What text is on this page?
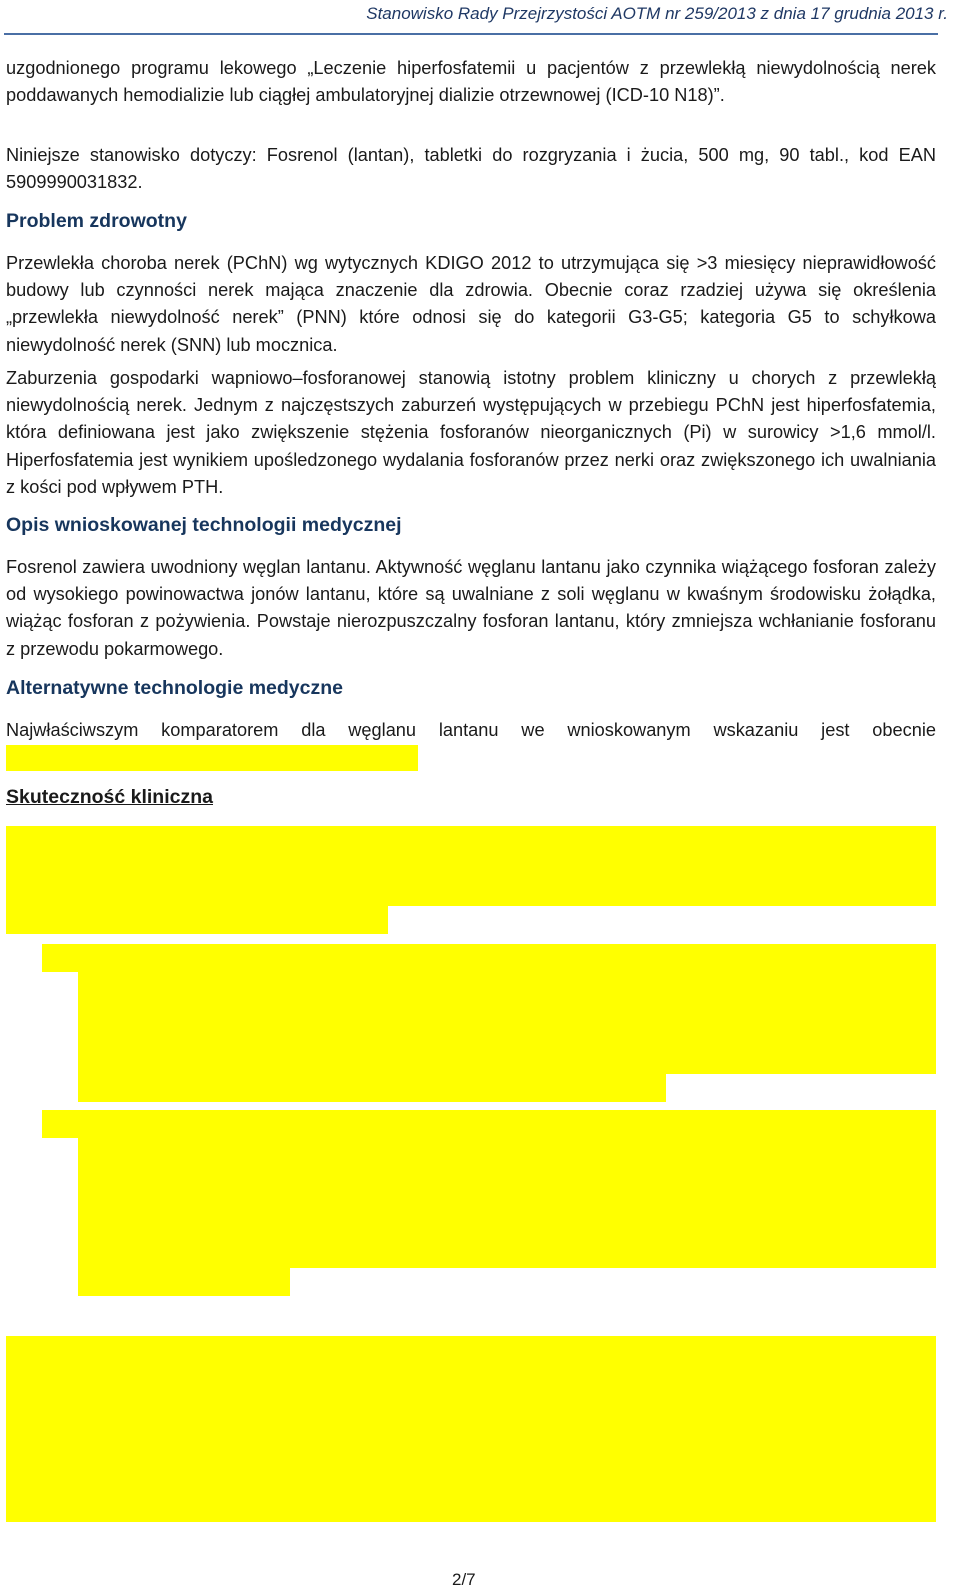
Stanowisko Rady Przejrzystości AOTM nr 259/2013 z dnia 17 grudnia 2013 r.
uzgodnionego programu lekowego „Leczenie hiperfosfatemii u pacjentów z przewlekłą niewydolnością nerek poddawanych hemodializie lub ciągłej ambulatoryjnej dializie otrzewnowej (ICD-10 N18)”.
Niniejsze stanowisko dotyczy: Fosrenol (lantan), tabletki do rozgryzania i żucia, 500 mg, 90 tabl., kod EAN 5909990031832.
Problem zdrowotny
Przewlekła choroba nerek (PChN) wg wytycznych KDIGO 2012 to utrzymująca się >3 miesięcy nieprawidłowość budowy lub czynności nerek mająca znaczenie dla zdrowia. Obecnie coraz rzadziej używa się określenia „przewlekła niewydolność nerek” (PNN) które odnosi się do kategorii G3-G5; kategoria G5 to schyłkowa niewydolność nerek (SNN) lub mocznica.
Zaburzenia gospodarki wapniowo–fosforanowej stanowią istotny problem kliniczny u chorych z przewlekłą niewydolnością nerek. Jednym z najczęstszych zaburzeń występujących w przebiegu PChN jest hiperfosfatemia, która definiowana jest jako zwiększenie stężenia fosforanów nieorganicznych (Pi) w surowicy >1,6 mmol/l. Hiperfosfatemia jest wynikiem upośledzonego wydalania fosforanów przez nerki oraz zwiększonego ich uwalniania z kości pod wpływem PTH.
Opis wnioskowanej technologii medycznej
Fosrenol zawiera uwodniony węglan lantanu. Aktywność węglanu lantanu jako czynnika wiążącego fosforan zależy od wysokiego powinowactwa jonów lantanu, które są uwalniane z soli węglanu w kwaśnym środowisku żołądka, wiążąc fosforan z pożywienia. Powstaje nierozpuszczalny fosforan lantanu, który zmniejsza wchłanianie fosforanu z przewodu pokarmowego.
Alternatywne technologie medyczne
Najwłaściwszym komparatorem dla węglanu lantanu we wnioskowanym wskazaniu jest obecnie
Skuteczność kliniczna
2/7
